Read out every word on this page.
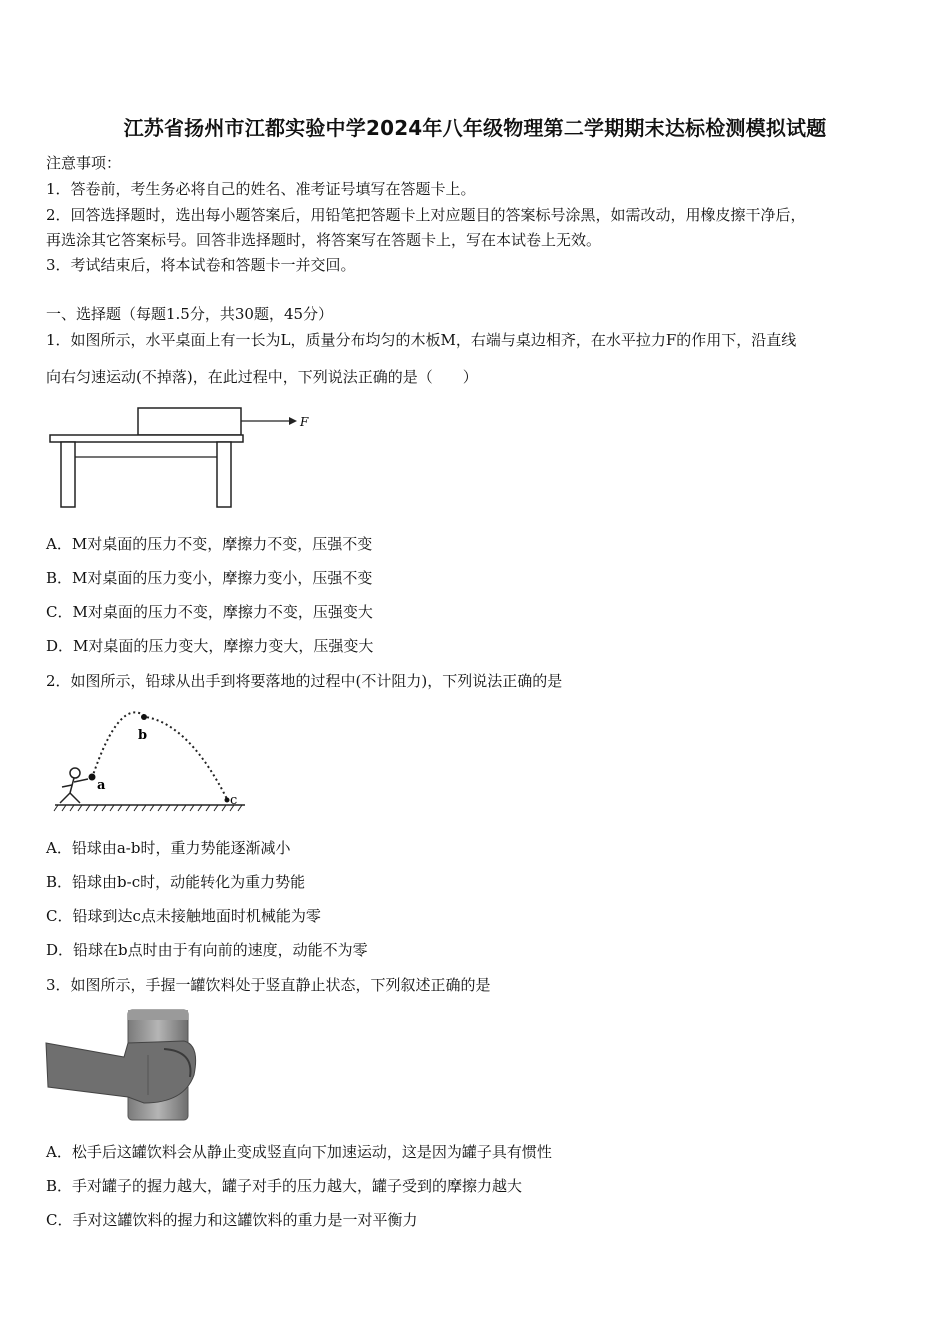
江苏省扬州市江都实验中学2024年八年级物理第二学期期末达标检测模拟试题
注意事项：
1．答卷前，考生务必将自己的姓名、准考证号填写在答题卡上。
2．回答选择题时，选出每小题答案后，用铅笔把答题卡上对应题目的答案标号涂黑，如需改动，用橡皮擦干净后，
再选涂其它答案标号。回答非选择题时，将答案写在答题卡上，写在本试卷上无效。
3．考试结束后，将本试卷和答题卡一并交回。
一、选择题（每题1.5分，共30题，45分）
1．如图所示，水平桌面上有一长为L，质量分布均匀的木板M，右端与桌边相齐，在水平拉力F的作用下，沿直线
向右匀速运动(不掉落)，在此过程中，下列说法正确的是（　　）
F
A．M对桌面的压力不变，摩擦力不变，压强不变
B．M对桌面的压力变小，摩擦力变小，压强不变
C．M对桌面的压力不变，摩擦力不变，压强变大
D．M对桌面的压力变大，摩擦力变大，压强变大
2．如图所示，铅球从出手到将要落地的过程中(不计阻力)，下列说法正确的是
a
b
c
A．铅球由a-b时，重力势能逐渐减小
B．铅球由b-c时，动能转化为重力势能
C．铅球到达c点未接触地面时机械能为零
D．铅球在b点时由于有向前的速度，动能不为零
3．如图所示，手握一罐饮料处于竖直静止状态，下列叙述正确的是
A．松手后这罐饮料会从静止变成竖直向下加速运动，这是因为罐子具有惯性
B．手对罐子的握力越大，罐子对手的压力越大，罐子受到的摩擦力越大
C．手对这罐饮料的握力和这罐饮料的重力是一对平衡力
